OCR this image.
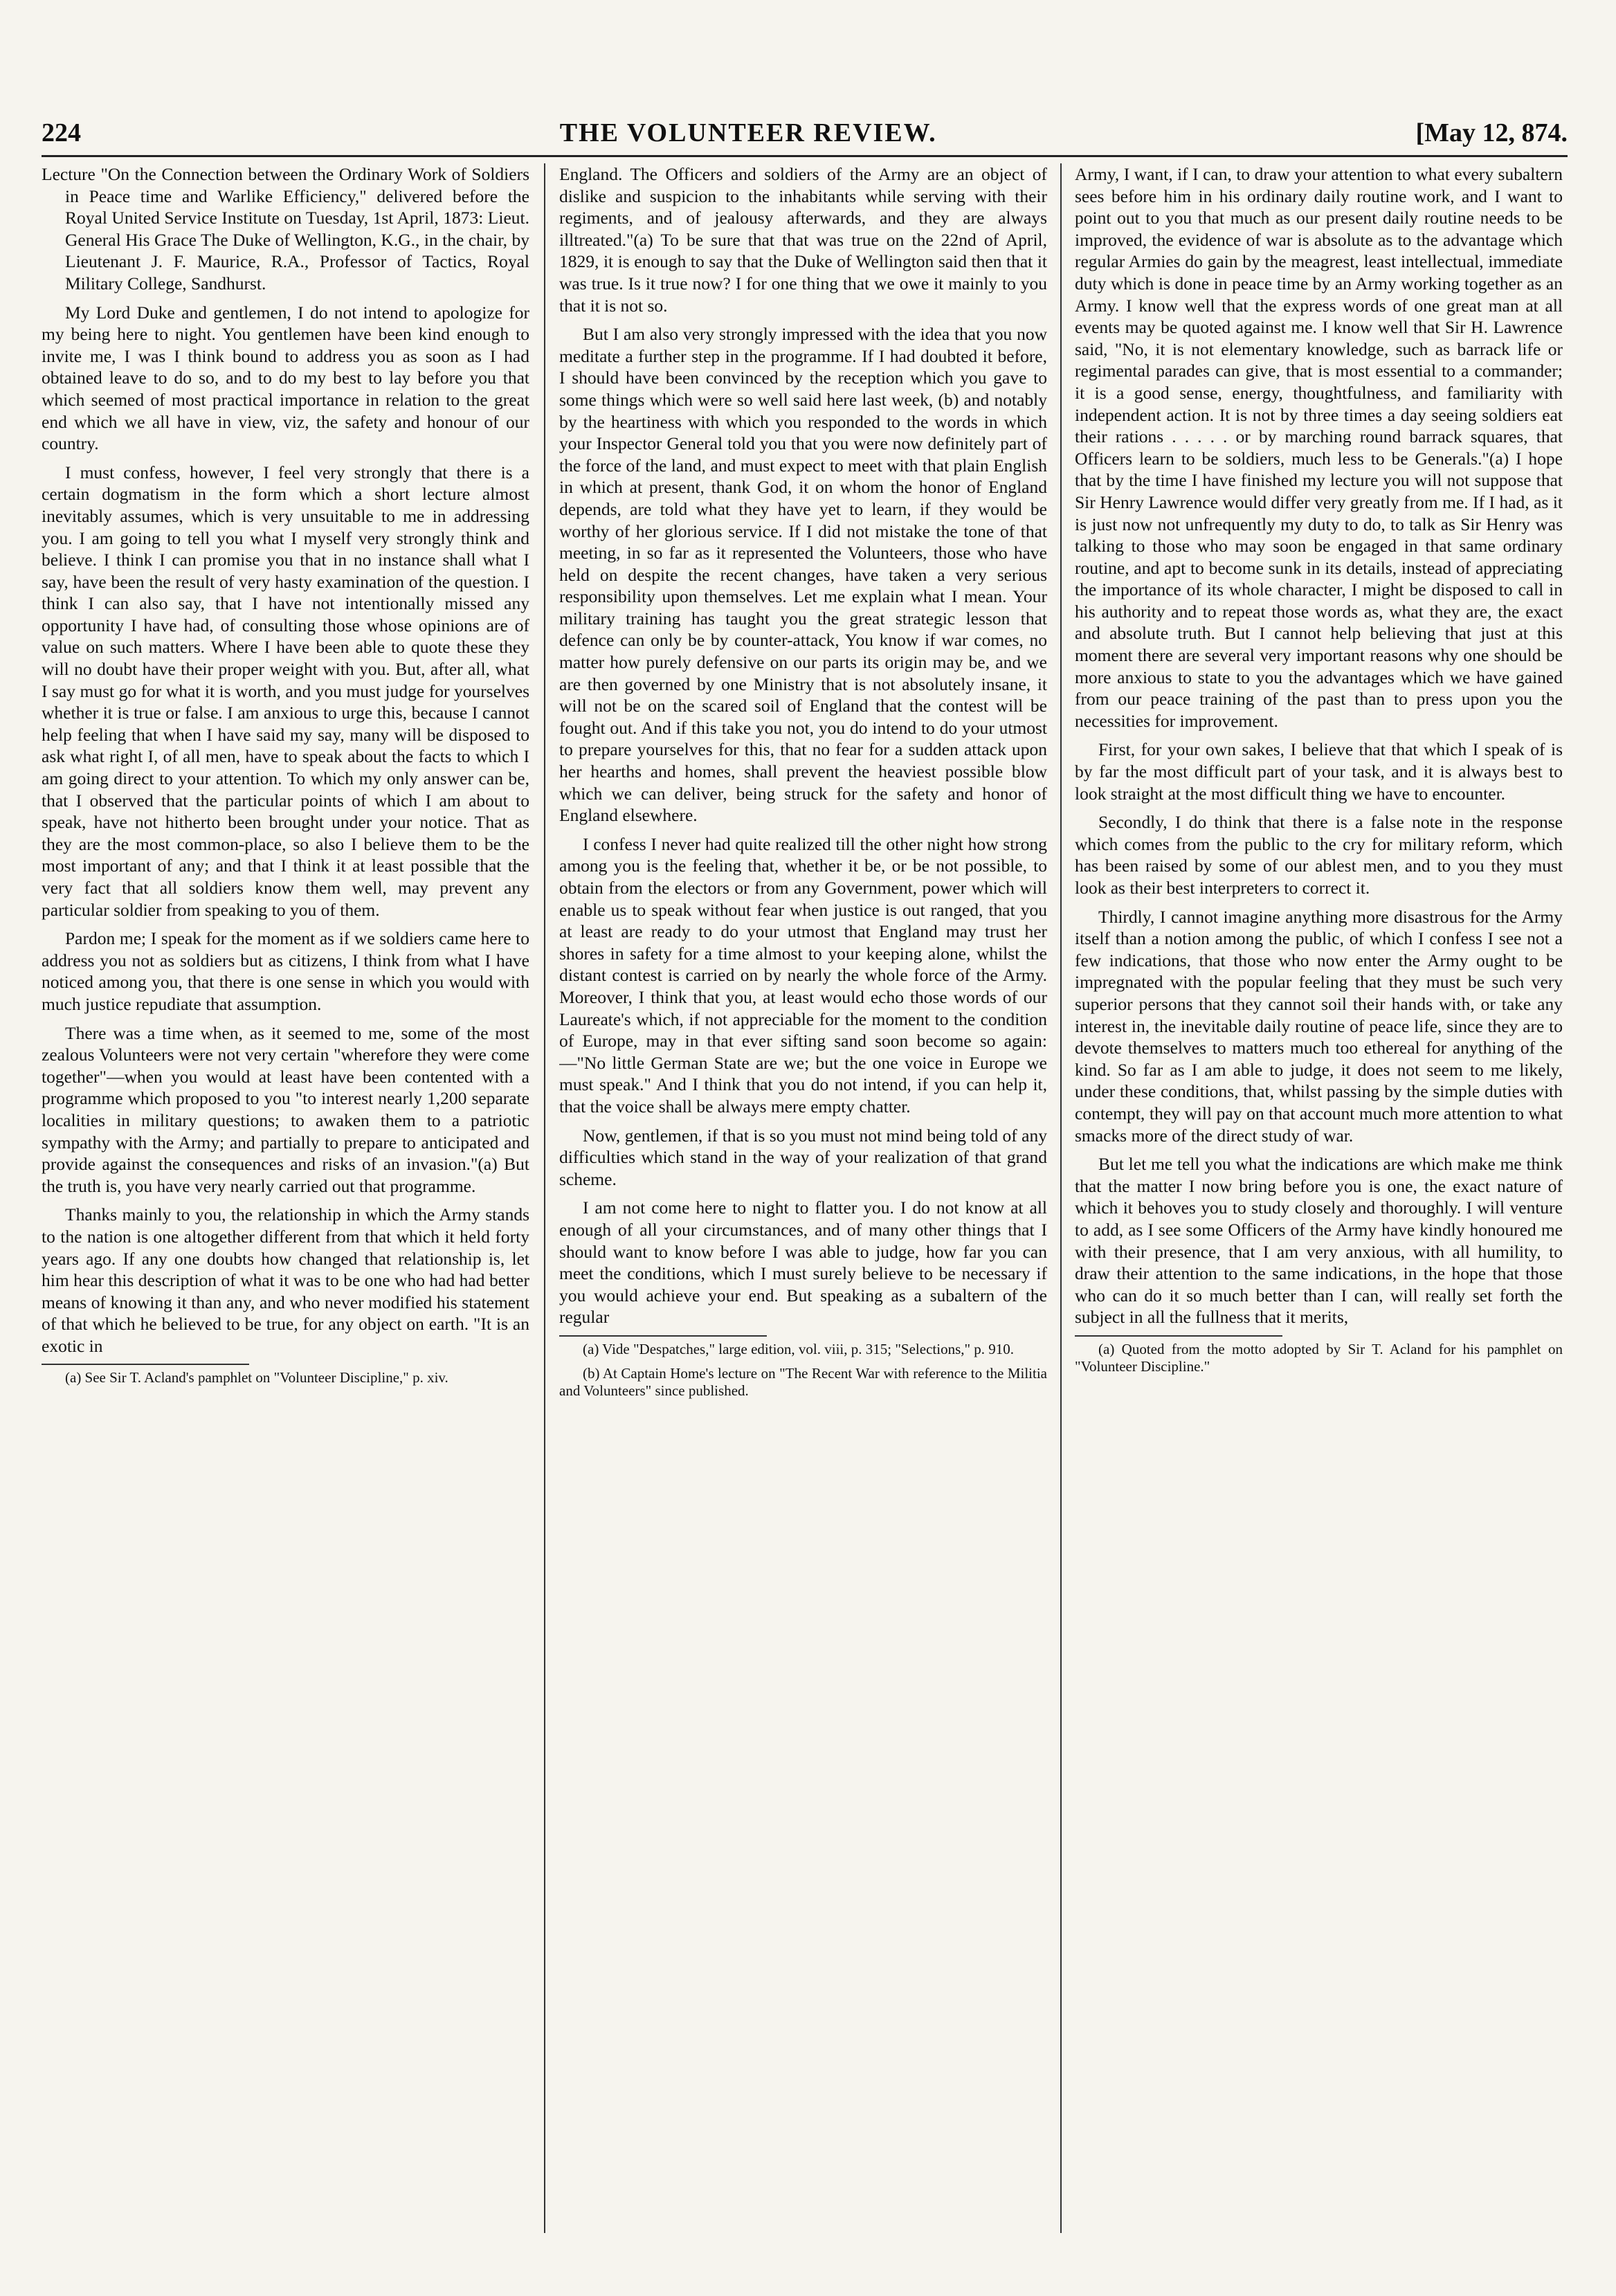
224	THE VOLUNTEER REVIEW.	[May 12, 874.

Lecture "On the Connection between the Ordinary Work of Soldiers in Peace time and Warlike Efficiency," delivered before the Royal United Service Institute on Tuesday, 1st April, 1873: Lieut. General His Grace The Duke of Wellington, K.G., in the chair, by Lieutenant J. F. Maurice, R.A., Professor of Tactics, Royal Military College, Sandhurst.

My Lord Duke and gentlemen, I do not intend to apologize for my being here to night. You gentlemen have been kind enough to invite me, I was I think bound to address you as soon as I had obtained leave to do so, and to do my best to lay before you that which seemed of most practical importance in relation to the great end which we all have in view, viz, the safety and honour of our country.

I must confess, however, I feel very strongly that there is a certain dogmatism in the form which a short lecture almost inevitably assumes, which is very unsuitable to me in addressing you. I am going to tell you what I myself very strongly think and believe. I think I can promise you that in no instance shall what I say, have been the result of very hasty examination of the question. I think I can also say, that I have not intentionally missed any opportunity I have had, of consulting those whose opinions are of value on such matters. Where I have been able to quote these they will no doubt have their proper weight with you. But, after all, what I say must go for what it is worth, and you must judge for yourselves whether it is true or false. I am anxious to urge this, because I cannot help feeling that when I have said my say, many will be disposed to ask what right I, of all men, have to speak about the facts to which I am going direct to your attention. To which my only answer can be, that I observed that the particular points of which I am about to speak, have not hitherto been brought under your notice. That as they are the most common-place, so also I believe them to be the most important of any; and that I think it at least possible that the very fact that all soldiers know them well, may prevent any particular soldier from speaking to you of them.

Pardon me; I speak for the moment as if we soldiers came here to address you not as soldiers but as citizens, I think from what I have noticed among you, that there is one sense in which you would with much justice repudiate that assumption.

There was a time when, as it seemed to me, some of the most zealous Volunteers were not very certain "wherefore they were come together"—when you would at least have been contented with a programme which proposed to you "to interest nearly 1,200 separate localities in military questions; to awaken them to a patriotic sympathy with the Army; and partially to prepare to anticipated and provide against the consequences and risks of an invasion."(a) But the truth is, you have very nearly carried out that programme.

Thanks mainly to you, the relationship in which the Army stands to the nation is one altogether different from that which it held forty years ago. If any one doubts how changed that relationship is, let him hear this description of what it was to be one who had had better means of knowing it than any, and who never modified his statement of that which he believed to be true, for any object on earth. "It is an exotic in

(a) See Sir T. Acland's pamphlet on "Volunteer Discipline," p. xiv.

England. The Officers and soldiers of the Army are an object of dislike and suspicion to the inhabitants while serving with their regiments, and of jealousy afterwards, and they are always illtreated."(a) To be sure that that was true on the 22nd of April, 1829, it is enough to say that the Duke of Wellington said then that it was true. Is it true now? I for one thing that we owe it mainly to you that it is not so.

But I am also very strongly impressed with the idea that you now meditate a further step in the programme. If I had doubted it before, I should have been convinced by the reception which you gave to some things which were so well said here last week, (b) and notably by the heartiness with which you responded to the words in which your Inspector General told you that you were now definitely part of the force of the land, and must expect to meet with that plain English in which at present, thank God, it on whom the honor of England depends, are told what they have yet to learn, if they would be worthy of her glorious service. If I did not mistake the tone of that meeting, in so far as it represented the Volunteers, those who have held on despite the recent changes, have taken a very serious responsibility upon themselves. Let me explain what I mean. Your military training has taught you the great strategic lesson that defence can only be by counter-attack, You know if war comes, no matter how purely defensive on our parts its origin may be, and we are then governed by one Ministry that is not absolutely insane, it will not be on the scared soil of England that the contest will be fought out. And if this take you not, you do intend to do your utmost to prepare yourselves for this, that no fear for a sudden attack upon her hearths and homes, shall prevent the heaviest possible blow which we can deliver, being struck for the safety and honor of England elsewhere.

I confess I never had quite realized till the other night how strong among you is the feeling that, whether it be, or be not possible, to obtain from the electors or from any Government, power which will enable us to speak without fear when justice is out ranged, that you at least are ready to do your utmost that England may trust her shores in safety for a time almost to your keeping alone, whilst the distant contest is carried on by nearly the whole force of the Army. Moreover, I think that you, at least would echo those words of our Laureate's which, if not appreciable for the moment to the condition of Europe, may in that ever sifting sand soon become so again:—"No little German State are we; but the one voice in Europe we must speak." And I think that you do not intend, if you can help it, that the voice shall be always mere empty chatter.

Now, gentlemen, if that is so you must not mind being told of any difficulties which stand in the way of your realization of that grand scheme.

I am not come here to night to flatter you. I do not know at all enough of all your circumstances, and of many other things that I should want to know before I was able to judge, how far you can meet the conditions, which I must surely believe to be necessary if you would achieve your end. But speaking as a subaltern of the regular

(a) Vide "Despatches," large edition, vol. viii, p. 315; "Selections," p. 910.

(b) At Captain Home's lecture on "The Recent War with reference to the Militia and Volunteers" since published.

Army, I want, if I can, to draw your attention to what every subaltern sees before him in his ordinary daily routine work, and I want to point out to you that much as our present daily routine needs to be improved, the evidence of war is absolute as to the advantage which regular Armies do gain by the meagrest, least intellectual, immediate duty which is done in peace time by an Army working together as an Army. I know well that the express words of one great man at all events may be quoted against me. I know well that Sir H. Lawrence said, "No, it is not elementary knowledge, such as barrack life or regimental parades can give, that is most essential to a commander; it is a good sense, energy, thoughtfulness, and familiarity with independent action. It is not by three times a day seeing soldiers eat their rations . . . . . or by marching round barrack squares, that Officers learn to be soldiers, much less to be Generals."(a) I hope that by the time I have finished my lecture you will not suppose that Sir Henry Lawrence would differ very greatly from me. If I had, as it is just now not unfrequently my duty to do, to talk as Sir Henry was talking to those who may soon be engaged in that same ordinary routine, and apt to become sunk in its details, instead of appreciating the importance of its whole character, I might be disposed to call in his authority and to repeat those words as, what they are, the exact and absolute truth. But I cannot help believing that just at this moment there are several very important reasons why one should be more anxious to state to you the advantages which we have gained from our peace training of the past than to press upon you the necessities for improvement.

First, for your own sakes, I believe that that which I speak of is by far the most difficult part of your task, and it is always best to look straight at the most difficult thing we have to encounter.

Secondly, I do think that there is a false note in the response which comes from the public to the cry for military reform, which has been raised by some of our ablest men, and to you they must look as their best interpreters to correct it.

Thirdly, I cannot imagine anything more disastrous for the Army itself than a notion among the public, of which I confess I see not a few indications, that those who now enter the Army ought to be impregnated with the popular feeling that they must be such very superior persons that they cannot soil their hands with, or take any interest in, the inevitable daily routine of peace life, since they are to devote themselves to matters much too ethereal for anything of the kind. So far as I am able to judge, it does not seem to me likely, under these conditions, that, whilst passing by the simple duties with contempt, they will pay on that account much more attention to what smacks more of the direct study of war.

But let me tell you what the indications are which make me think that the matter I now bring before you is one, the exact nature of which it behoves you to study closely and thoroughly. I will venture to add, as I see some Officers of the Army have kindly honoured me with their presence, that I am very anxious, with all humility, to draw their attention to the same indications, in the hope that those who can do it so much better than I can, will really set forth the subject in all the fullness that it merits,

(a) Quoted from the motto adopted by Sir T. Acland for his pamphlet on "Volunteer Discipline."
